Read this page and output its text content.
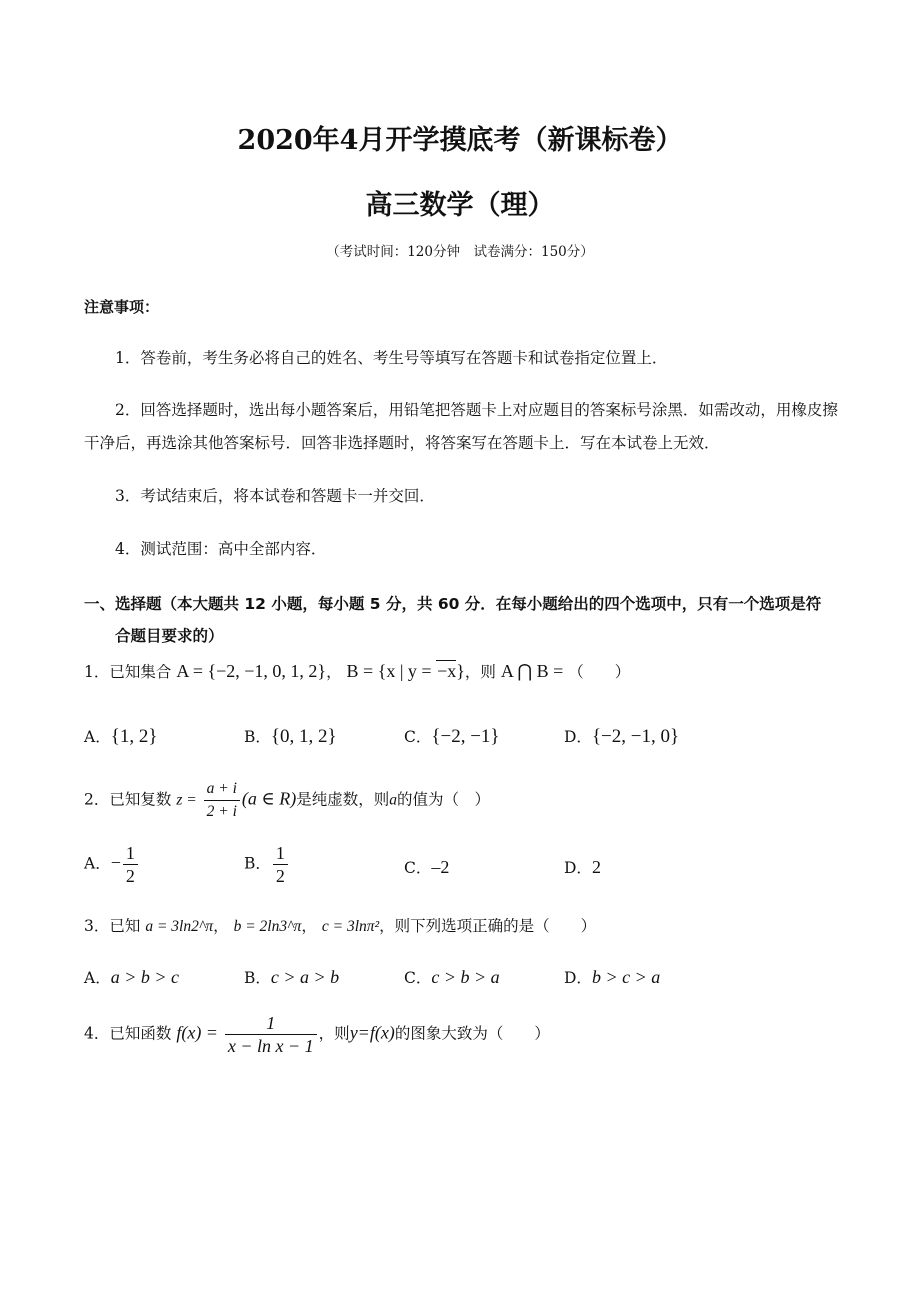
2020年4月开学摸底考（新课标卷）
高三数学（理）
（考试时间：120分钟　试卷满分：150分）
注意事项：
1．答卷前，考生务必将自己的姓名、考生号等填写在答题卡和试卷指定位置上．
2．回答选择题时，选出每小题答案后，用铅笔把答题卡上对应题目的答案标号涂黑．如需改动，用橡皮擦干净后，再选涂其他答案标号．回答非选择题时，将答案写在答题卡上．写在本试卷上无效．
3．考试结束后，将本试卷和答题卡一并交回．
4．测试范围：高中全部内容．
一、选择题（本大题共 12 小题，每小题 5 分，共 60 分．在每小题给出的四个选项中，只有一个选项是符
合题目要求的）
1．已知集合 A = {−2, −1, 0, 1, 2}， B = {x | y = −x}，则 A ⋂ B = （　　）
A．{1, 2}	B．{0, 1, 2}	C．{−2, −1}	D．{−2, −1, 0}
2．已知复数 $z = \frac{a + i}{2 + i} (a$ ∈ R)是纯虚数，则a的值为（　）
A．− $\frac{1}{2}$	B． $\frac{1}{2}$	C．–2	D．2
3．已知 a = 3ln2^π， b = 2ln3^π， c = 3lnπ²，则下列选项正确的是（　　）
A．a > b > c	B．c > a > b	C．c > b > a	D．b > c > a
4．已知函数 $f(x) = \frac{1}{\text{x − ln x − 1}}$ ，则y=f(x)的图象大致为（　　）
